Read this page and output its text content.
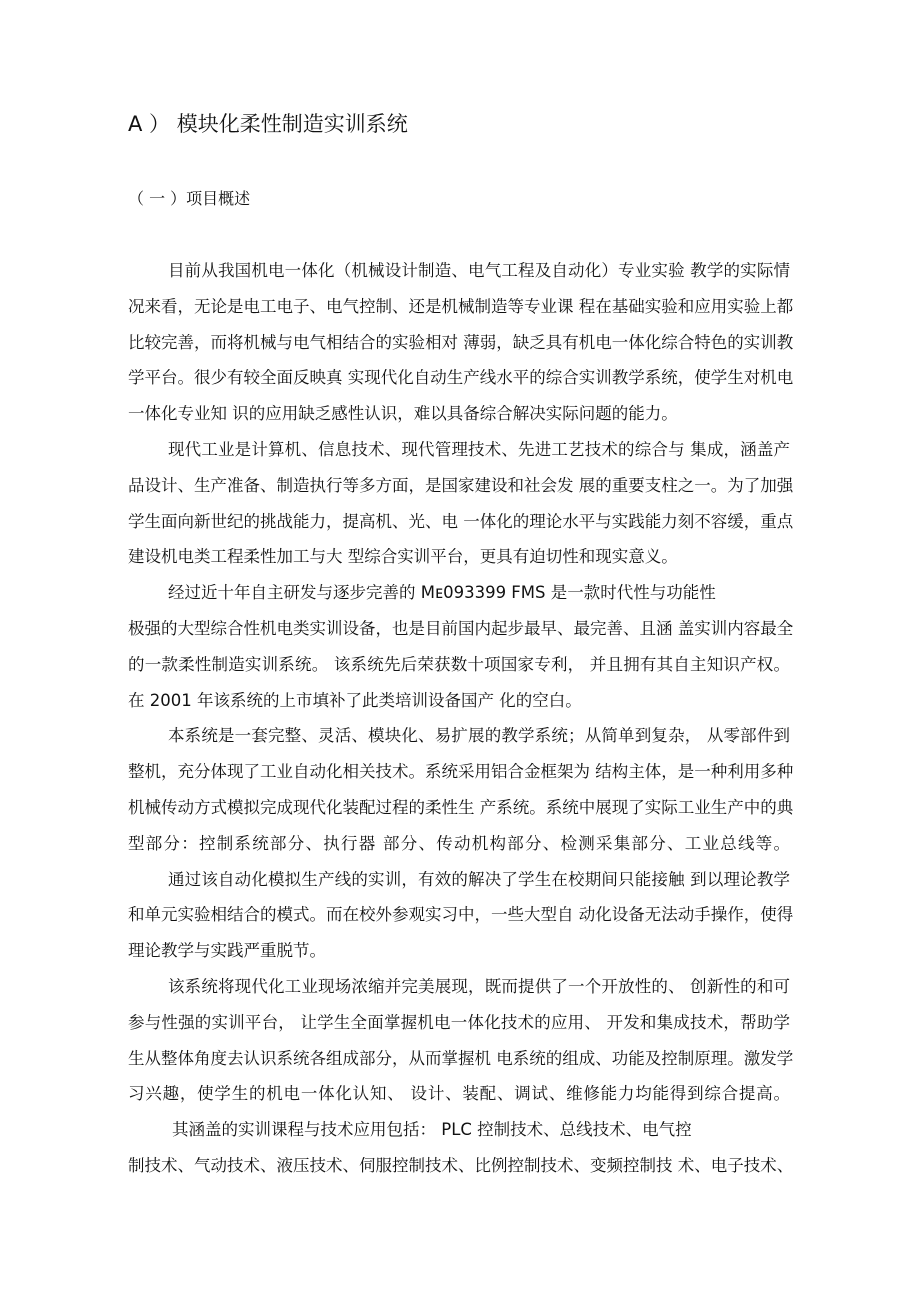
A ） 模块化柔性制造实训系统
（ 一 ）项目概述
目前从我国机电一体化（机械设计制造、电气工程及自动化）专业实验 教学的实际情
况来看，无论是电工电子、电气控制、还是机械制造等专业课 程在基础实验和应用实验上都
比较完善，而将机械与电气相结合的实验相对 薄弱，缺乏具有机电一体化综合特色的实训教
学平台。很少有较全面反映真 实现代化自动生产线水平的综合实训教学系统，使学生对机电
一体化专业知 识的应用缺乏感性认识，难以具备综合解决实际问题的能力。
现代工业是计算机、信息技术、现代管理技术、先进工艺技术的综合与 集成，涵盖产
品设计、生产准备、制造执行等多方面，是国家建设和社会发 展的重要支柱之一。为了加强
学生面向新世纪的挑战能力，提高机、光、电 一体化的理论水平与实践能力刻不容缓，重点
建设机电类工程柔性加工与大 型综合实训平台，更具有迫切性和现实意义。
经过近十年自主研发与逐步完善的 Mᴇ093399 FMS 是一款时代性与功能性
极强的大型综合性机电类实训设备，也是目前国内起步最早、最完善、且涵 盖实训内容最全
的一款柔性制造实训系统。 该系统先后荣获数十项国家专利， 并且拥有其自主知识产权。
在 2001 年该系统的上市填补了此类培训设备国产 化的空白。
本系统是一套完整、灵活、模块化、易扩展的教学系统；从简单到复杂， 从零部件到
整机，充分体现了工业自动化相关技术。系统采用铝合金框架为 结构主体，是一种利用多种
机械传动方式模拟完成现代化装配过程的柔性生 产系统。系统中展现了实际工业生产中的典
型部分：控制系统部分、执行器 部分、传动机构部分、检测采集部分、工业总线等。
通过该自动化模拟生产线的实训，有效的解决了学生在校期间只能接触 到以理论教学
和单元实验相结合的模式。而在校外参观实习中，一些大型自 动化设备无法动手操作，使得
理论教学与实践严重脱节。
该系统将现代化工业现场浓缩并完美展现，既而提供了一个开放性的、 创新性的和可
参与性强的实训平台， 让学生全面掌握机电一体化技术的应用、 开发和集成技术，帮助学
生从整体角度去认识系统各组成部分，从而掌握机 电系统的组成、功能及控制原理。激发学
习兴趣，使学生的机电一体化认知、 设计、装配、调试、维修能力均能得到综合提高。
其涵盖的实训课程与技术应用包括： PLC 控制技术、总线技术、电气控
制技术、气动技术、液压技术、伺服控制技术、比例控制技术、变频控制技 术、电子技术、
